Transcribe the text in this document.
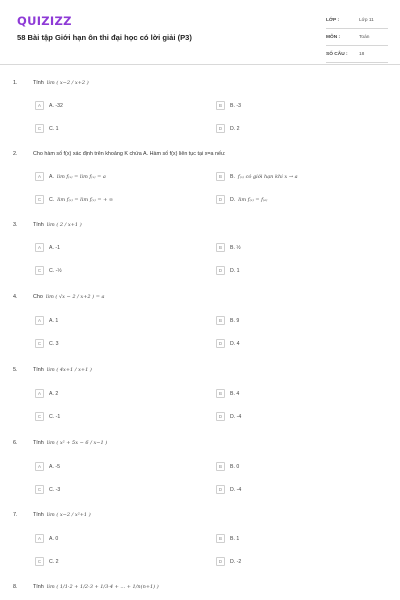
QUIZIZZ
58 Bài tập Giới hạn ôn thi đại học có lời giải (P3)
LỚP :	Lớp 11
MÔN :	Toán
SỐ CÂU :	18
1.	Tính lim ( x−2 / x+2 )
A	A. -32	B	B. -3
C	C. 1	D	D. 2
2.	Cho hàm số f(x) xác định trên khoảng K chứa A. Hàm số f(x) liên tục tại x=a nếu:
A	A. lim f₍ₓ₎ = lim f₍ₓ₎ = a	B	B. f₍ₓ₎ có giới hạn khi x → a
C	C. lim f₍ₓ₎ = lim f₍ₓ₎ = + ∞	D	D. lim f₍ₓ₎ = f₍ₐ₎
3.	Tính lim ( 2 / x+1 )
A	A. -1	B	B. ½
C	C. -½	D	D. 1
4.	Cho lim ( √x − 2 / x+2 ) = a
A	A. 1	B	B. 9
C	C. 3	D	D. 4
5.	Tính lim ( 4x+1 / x+1 )
A	A. 2	B	B. 4
C	C. -1	D	D. -4
6.	Tính lim ( x² + 5x − 6 / x−1 )
A	A. -5	B	B. 0
C	C. -3	D	D. -4
7.	Tính lim ( x−2 / x²+1 )
A	A. 0	B	B. 1
C	C. 2	D	D. -2
8.	Tính lim ( 1/1·2 + 1/2·3 + 1/3·4 + ... + 1/n(n+1) )
